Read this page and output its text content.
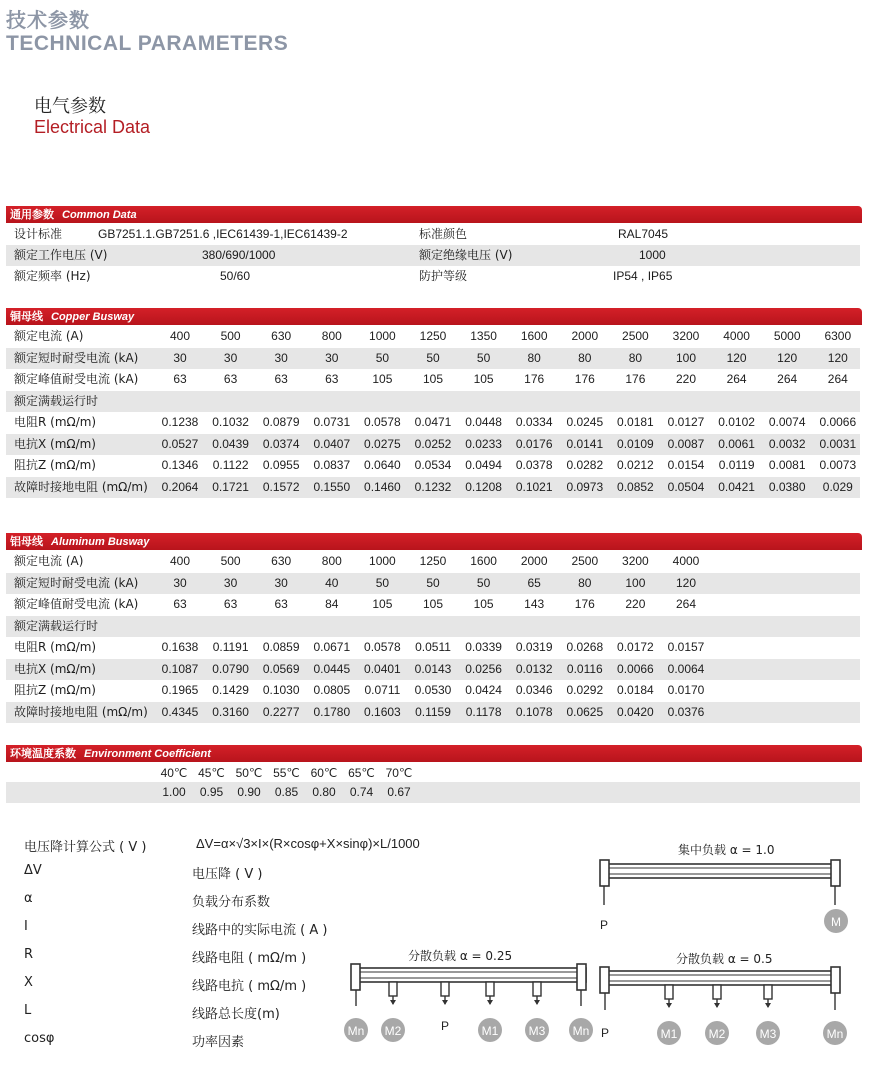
技术参数
TECHNICAL PARAMETERS
电气参数
Electrical Data
通用参数 Common Data
设计标准	GB7251.1.GB7251.6 ,IEC61439-1,IEC61439-2	标准颜色	RAL7045
额定工作电压 (V)	380/690/1000	额定绝缘电压 (V)	1000
额定频率 (Hz)	50/60	防护等级	IP54 , IP65
铜母线 Copper Busway
额定电流 (A)	400	500	630	800	1000	1250	1350	1600	2000	2500	3200	4000	5000	6300
额定短时耐受电流 (kA)	30	30	30	30	50	50	50	80	80	80	100	120	120	120
额定峰值耐受电流 (kA)	63	63	63	63	105	105	105	176	176	176	220	264	264	264
额定满载运行时
电阻R (mΩ/m)	0.1238	0.1032	0.0879	0.0731	0.0578	0.0471	0.0448	0.0334	0.0245	0.0181	0.0127	0.0102	0.0074	0.0066
电抗X (mΩ/m)	0.0527	0.0439	0.0374	0.0407	0.0275	0.0252	0.0233	0.0176	0.0141	0.0109	0.0087	0.0061	0.0032	0.0031
阻抗Z (mΩ/m)	0.1346	0.1122	0.0955	0.0837	0.0640	0.0534	0.0494	0.0378	0.0282	0.0212	0.0154	0.0119	0.0081	0.0073
故障时接地电阻 (mΩ/m)	0.2064	0.1721	0.1572	0.1550	0.1460	0.1232	0.1208	0.1021	0.0973	0.0852	0.0504	0.0421	0.0380	0.029
铝母线 Aluminum Busway
额定电流 (A)	400	500	630	800	1000	1250	1600	2000	2500	3200	4000
额定短时耐受电流 (kA)	30	30	30	40	50	50	50	65	80	100	120
额定峰值耐受电流 (kA)	63	63	63	84	105	105	105	143	176	220	264
额定满载运行时
电阻R (mΩ/m)	0.1638	0.1191	0.0859	0.0671	0.0578	0.0511	0.0339	0.0319	0.0268	0.0172	0.0157
电抗X (mΩ/m)	0.1087	0.0790	0.0569	0.0445	0.0401	0.0143	0.0256	0.0132	0.0116	0.0066	0.0064
阻抗Z (mΩ/m)	0.1965	0.1429	0.1030	0.0805	0.0711	0.0530	0.0424	0.0346	0.0292	0.0184	0.0170
故障时接地电阻 (mΩ/m)	0.4345	0.3160	0.2277	0.1780	0.1603	0.1159	0.1178	0.1078	0.0625	0.0420	0.0376
环境温度系数 Environment Coefficient
40℃ 45℃ 50℃ 55℃ 60℃ 65℃ 70℃
1.00	0.95	0.90	0.85	0.80	0.74	0.67
电压降计算公式 ( V )	ΔV=α×√3×I×(R×cosφ+X×sinφ)×L/1000
ΔV	电压降 ( V )
α	负载分布系数
I	线路中的实际电流 ( A )
R	线路电阻 ( mΩ/m )
X	线路电抗 ( mΩ/m )
L	线路总长度(m)
cosφ	功率因素
集中负载 α = 1.0
分散负载 α = 0.25	分散负载 α = 0.5
P	M
Mn M2	P	M1	M3 Mn P	M1	M2	M3	Mn
